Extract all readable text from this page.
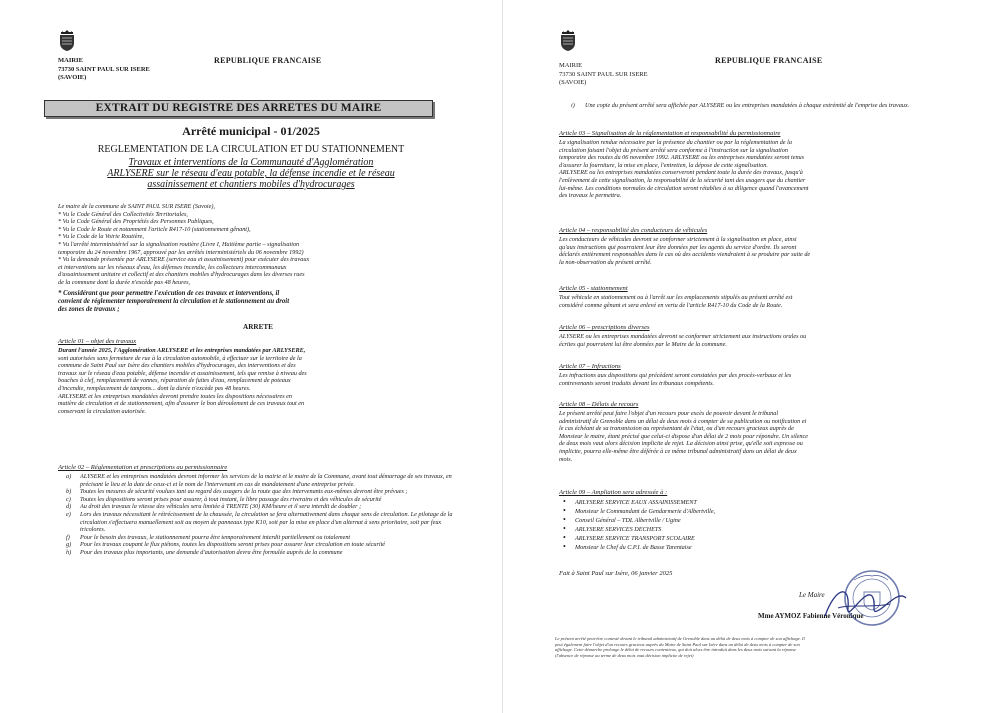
MAIRIE
73730 SAINT PAUL SUR ISERE
(SAVOIE)
REPUBLIQUE FRANCAISE
EXTRAIT DU REGISTRE DES ARRETES DU MAIRE
Arrêté municipal - 01/2025
REGLEMENTATION DE LA CIRCULATION ET DU STATIONNEMENT
Travaux et interventions de la Communauté d'Agglomération
ARLYSERE sur le réseau d'eau potable, la défense incendie et le réseau
assainissement et chantiers mobiles d'hydrocurages
Le maire de la commune de SAINT PAUL SUR ISERE (Savoie),
* Vu le Code Général des Collectivités Territoriales,
* Vu le Code Général des Propriétés des Personnes Publiques,
* Vu le Code le Route et notamment l'article R417-10 (stationnement gênant),
* Vu le Code de la Voirie Routière,
* Vu l'arrêté interministériel sur la signalisation routière (Livre I, Huitième partie – signalisation
temporaire du 24 novembre 1967, approuvé par les arrêtés interministériels du 06 novembre 1992)
* Vu la demande présentée par ARLYSERE (service eau et assainissement) pour exécuter des travaux
et interventions sur les réseaux d'eau, les défenses incendie, les collecteurs intercommunaux
d'assainissement unitaire et collectif et des chantiers mobiles d'hydrocurages dans les diverses rues
de la commune dont la durée n'excède pas 48 heures,
* Considérant que pour permettre l'exécution de ces travaux et interventions, il
convient de réglementer temporairement la circulation et le stationnement au droit
des zones de travaux ;
ARRETE
Article 01 – objet des travaux
Durant l'année 2025, l'Agglomération ARLYSERE et les entreprises mandatées par ARLYSERE,
sont autorisées sans fermeture de rue à la circulation automobile, à effectuer sur le territoire de la
commune de Saint Paul sur Isère des chantiers mobiles d'hydrocurages, des interventions et des
travaux sur le réseau d'eau potable, défense incendie et assainissement, tels que remise à niveau des
bouches à clef, remplacement de vannes, réparation de fuites d'eau, remplacement de poteaux
d'incendie, remplacement de tampons... dont la durée n'excède pas 48 heures.
ARLYSERE et les entreprises mandatées devront prendre toutes les dispositions nécessaires en
matière de circulation et de stationnement, afin d'assurer le bon déroulement de ces travaux tout en
conservant la circulation autorisée.
Article 02 – Réglementation et prescriptions au permissionnaire
a) ALYSERE et les entreprises mandatées devront informer les services de la mairie et le maire de la Commune, avant tout démarrage de ses travaux, en précisant le lieu et la date de ceux-ci et le nom de l'intervenant en cas de mandatement d'une entreprise privée.
b) Toutes les mesures de sécurité voulues tant au regard des usagers de la route que des intervenants eux-mêmes devront être prévues ;
c) Toutes les dispositions seront prises pour assurer, à tout instant, le libre passage des riverains et des véhicules de sécurité
d) Au droit des travaux la vitesse des véhicules sera limitée à TRENTE (30) KM/heure et il sera interdit de doubler ;
e) Lors des travaux nécessitant le rétrécissement de la chaussée, la circulation se fera alternativement dans chaque sens de circulation. Le pilotage de la circulation s'effectuera manuellement soit au moyen de panneaux type K10, soit par la mise en place d'un alternat à sens prioritaire, soit par feux tricolores.
f) Pour le besoin des travaux, le stationnement pourra être temporairement interdit partiellement ou totalement
g) Pour les travaux coupant le flux piétons, toutes les dispositions seront prises pour assurer leur circulation en toute sécurité
h) Pour des travaux plus importants, une demande d'autorisation devra être formulée auprès de la commune
MAIRIE
73730 SAINT PAUL SUR ISERE
(SAVOIE)
REPUBLIQUE FRANCAISE
i) Une copie du présent arrêté sera affichée par ALYSERE ou les entreprises mandatées à chaque extrémité de l'emprise des travaux.
Article 03 – Signalisation de la réglementation et responsabilité du permissionnaire
La signalisation rendue nécessaire par la présence du chantier ou par la réglementation de la
circulation faisant l'objet du présent arrêté sera conforme à l'instruction sur la signalisation
temporaire des routes du 06 novembre 1992. ARLYSERE ou les entreprises mandatées seront tenus
d'assurer la fourniture, la mise en place, l'entretien, la dépose de cette signalisation.
ARLYSERE ou les entreprises mandatées conserveront pendant toute la durée des travaux, jusqu'à
l'enlèvement de cette signalisation, la responsabilité de la sécurité tant des usagers que du chantier
lui-même. Les conditions normales de circulation seront rétablies à sa diligence quand l'avancement
des travaux le permettra.
Article 04 – responsabilité des conducteurs de véhicules
Les conducteurs de véhicules devront se conformer strictement à la signalisation en place, ainsi
qu'aux instructions qui pourraient leur être données par les agents du service d'ordre. Ils seront
déclarés entièrement responsables dans le cas où des accidents viendraient à se produire par suite de
la non-observation du présent arrêté.
Article 05 - stationnement
Tout véhicule en stationnement ou à l'arrêt sur les emplacements stipulés au présent arrêté est
considéré comme gênant et sera enlevé en vertu de l'article R417-10 du Code de la Route.
Article 06 – prescriptions diverses
ALYSERE ou les entreprises mandatées devront se conformer strictement aux instructions orales ou
écrites qui pourraient lui être données par le Maire de la commune.
Article 07 – Infractions
Les infractions aux dispositions qui précèdent seront constatées par des procès-verbaux et les
contrevenants seront traduits devant les tribunaux compétents.
Article 08 – Délais de recours
Le présent arrêté peut faire l'objet d'un recours pour excès de pouvoir devant le tribunal
administratif de Grenoble dans un délai de deux mois à compter de sa publication ou notification et
le cas échéant de sa transmission au représentant de l'état, ou d'un recours gracieux auprès de
Monsieur le maire, étant précisé que celui-ci dispose d'un délai de 2 mois pour répondre. Un silence
de deux mois vaut alors décision implicite de rejet. La décision ainsi prise, qu'elle soit expresse ou
implicite, pourra elle-même être déférée à ce même tribunal administratif dans un délai de deux
mois.
Article 09 – Ampliation sera adressée à :
• ARLYSERE SERVICE EAUX ASSAINISSEMENT
• Monsieur le Commandant de Gendarmerie d'Albertville,
• Conseil Général – TDL Albertville / Ugine
• ARLYSERE SERVICES DECHETS
• ARLYSERE SERVICE TRANSPORT SCOLAIRE
• Monsieur le Chef du C.P.I. de Basse Tarentaise
Fait à Saint Paul sur Isère, 06 janvier 2025
Le Maire
Mme AYMOZ Fabienne Véronique
Le présent arrêté peut-être contesté devant le tribunal administratif de Grenoble dans un délai de deux mois à compter de son affichage. Il
peut également faire l'objet d'un recours gracieux auprès du Maire de Saint Paul sur Isère dans un délai de deux mois à compter de son
affichage. Cette démarche prolonge le délai de recours contentieux, qui doit alors être introduit dans les deux mois suivant la réponse
(l'absence de réponse au terme de deux mois vaut décision implicite de rejet)
